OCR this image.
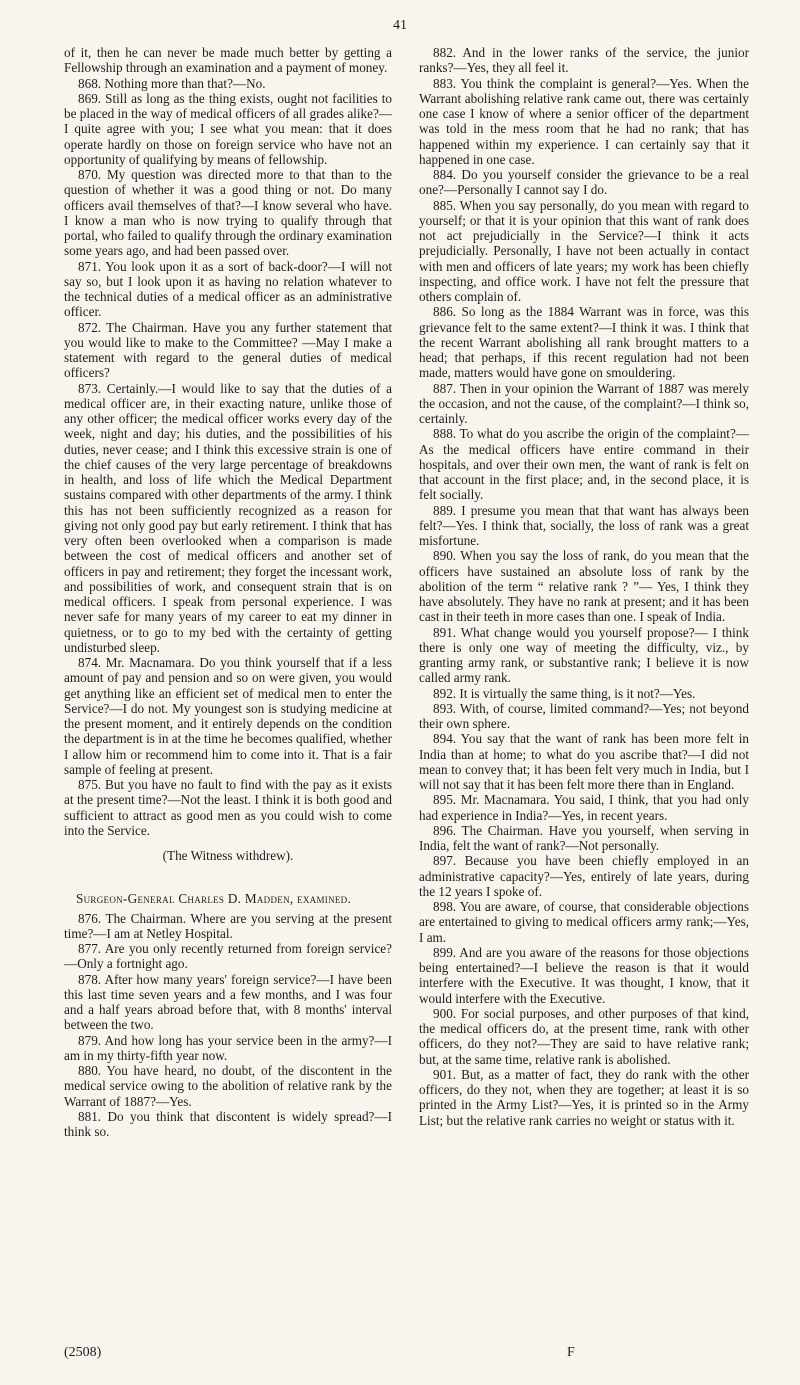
41

of it, then he can never be made much better by getting a Fellowship through an examination and a payment of money.

868. Nothing more than that?—No.

869. Still as long as the thing exists, ought not facilities to be placed in the way of medical officers of all grades alike?—I quite agree with you; I see what you mean: that it does operate hardly on those on foreign service who have not an opportunity of qualifying by means of fellowship.

870. My question was directed more to that than to the question of whether it was a good thing or not. Do many officers avail themselves of that?—I know several who have. I know a man who is now trying to qualify through that portal, who failed to qualify through the ordinary examination some years ago, and had been passed over.

871. You look upon it as a sort of back-door?—I will not say so, but I look upon it as having no relation whatever to the technical duties of a medical officer as an administrative officer.

872. The Chairman. Have you any further statement that you would like to make to the Committee? —May I make a statement with regard to the general duties of medical officers?

873. Certainly.—I would like to say that the duties of a medical officer are, in their exacting nature, unlike those of any other officer; the medical officer works every day of the week, night and day; his duties, and the possibilities of his duties, never cease; and I think this excessive strain is one of the chief causes of the very large percentage of breakdowns in health, and loss of life which the Medical Department sustains compared with other departments of the army. I think this has not been sufficiently recognized as a reason for giving not only good pay but early retirement. I think that has very often been overlooked when a comparison is made between the cost of medical officers and another set of officers in pay and retirement; they forget the incessant work, and possibilities of work, and consequent strain that is on medical officers. I speak from personal experience. I was never safe for many years of my career to eat my dinner in quietness, or to go to my bed with the certainty of getting undisturbed sleep.

874. Mr. Macnamara. Do you think yourself that if a less amount of pay and pension and so on were given, you would get anything like an efficient set of medical men to enter the Service?—I do not. My youngest son is studying medicine at the present moment, and it entirely depends on the condition the department is in at the time he becomes qualified, whether I allow him or recommend him to come into it. That is a fair sample of feeling at present.

875. But you have no fault to find with the pay as it exists at the present time?—Not the least. I think it is both good and sufficient to attract as good men as you could wish to come into the Service.

(The Witness withdrew).

Surgeon-General Charles D. Madden, examined.

876. The Chairman. Where are you serving at the present time?—I am at Netley Hospital.

877. Are you only recently returned from foreign service?—Only a fortnight ago.

878. After how many years' foreign service?—I have been this last time seven years and a few months, and I was four and a half years abroad before that, with 8 months' interval between the two.

879. And how long has your service been in the army?—I am in my thirty-fifth year now.

880. You have heard, no doubt, of the discontent in the medical service owing to the abolition of relative rank by the Warrant of 1887?—Yes.

881. Do you think that discontent is widely spread?—I think so.

882. And in the lower ranks of the service, the junior ranks?—Yes, they all feel it.

883. You think the complaint is general?—Yes. When the Warrant abolishing relative rank came out, there was certainly one case I know of where a senior officer of the department was told in the mess room that he had no rank; that has happened within my experience. I can certainly say that it happened in one case.

884. Do you yourself consider the grievance to be a real one?—Personally I cannot say I do.

885. When you say personally, do you mean with regard to yourself; or that it is your opinion that this want of rank does not act prejudicially in the Service?—I think it acts prejudicially. Personally, I have not been actually in contact with men and officers of late years; my work has been chiefly inspecting, and office work. I have not felt the pressure that others complain of.

886. So long as the 1884 Warrant was in force, was this grievance felt to the same extent?—I think it was. I think that the recent Warrant abolishing all rank brought matters to a head; that perhaps, if this recent regulation had not been made, matters would have gone on smouldering.

887. Then in your opinion the Warrant of 1887 was merely the occasion, and not the cause, of the complaint?—I think so, certainly.

888. To what do you ascribe the origin of the complaint?—As the medical officers have entire command in their hospitals, and over their own men, the want of rank is felt on that account in the first place; and, in the second place, it is felt socially.

889. I presume you mean that that want has always been felt?—Yes. I think that, socially, the loss of rank was a great misfortune.

890. When you say the loss of rank, do you mean that the officers have sustained an absolute loss of rank by the abolition of the term “ relative rank ? ”— Yes, I think they have absolutely. They have no rank at present; and it has been cast in their teeth in more cases than one. I speak of India.

891. What change would you yourself propose?— I think there is only one way of meeting the difficulty, viz., by granting army rank, or substantive rank; I believe it is now called army rank.

892. It is virtually the same thing, is it not?—Yes.

893. With, of course, limited command?—Yes; not beyond their own sphere.

894. You say that the want of rank has been more felt in India than at home; to what do you ascribe that?—I did not mean to convey that; it has been felt very much in India, but I will not say that it has been felt more there than in England.

895. Mr. Macnamara. You said, I think, that you had only had experience in India?—Yes, in recent years.

896. The Chairman. Have you yourself, when serving in India, felt the want of rank?—Not personally.

897. Because you have been chiefly employed in an administrative capacity?—Yes, entirely of late years, during the 12 years I spoke of.

898. You are aware, of course, that considerable objections are entertained to giving to medical officers army rank;—Yes, I am.

899. And are you aware of the reasons for those objections being entertained?—I believe the reason is that it would interfere with the Executive. It was thought, I know, that it would interfere with the Executive.

900. For social purposes, and other purposes of that kind, the medical officers do, at the present time, rank with other officers, do they not?—They are said to have relative rank; but, at the same time, relative rank is abolished.

901. But, as a matter of fact, they do rank with the other officers, do they not, when they are together; at least it is so printed in the Army List?—Yes, it is printed so in the Army List; but the relative rank carries no weight or status with it.

(2508)	F
